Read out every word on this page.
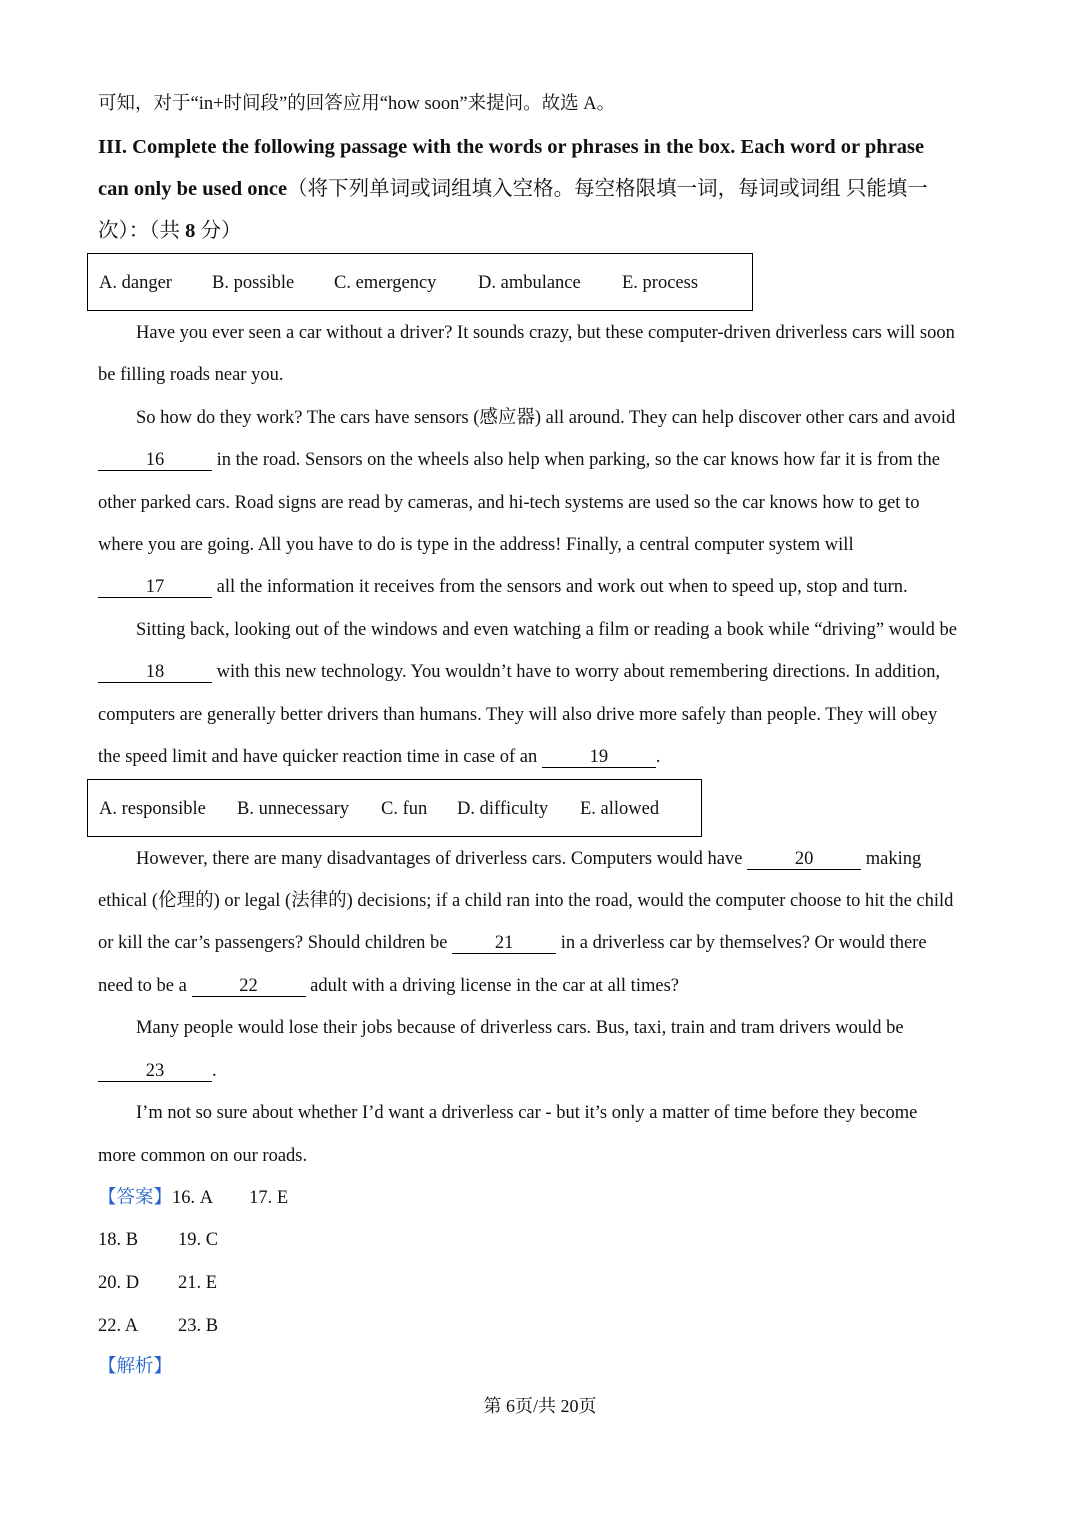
可知，对于“in+时间段”的回答应用“how soon”来提问。故选 A。
III. Complete the following passage with the words or phrases in the box. Each word or phrase
can only be used once（将下列单词或词组填入空格。每空格限填一词，每词或词组 只能填一
次）：（共 8 分）
A. danger B. possible C. emergency D. ambulance E. process
Have you ever seen a car without a driver? It sounds crazy, but these computer-driven driverless cars will soon
be filling roads near you.
So how do they work? The cars have sensors (感应器) all around. They can help discover other cars and avoid
16	in the road. Sensors on the wheels also help when parking, so the car knows how far it is from the
other parked cars. Road signs are read by cameras, and hi-tech systems are used so the car knows how to get to
where you are going. All you have to do is type in the address! Finally, a central computer system will
17	all the information it receives from the sensors and work out when to speed up, stop and turn.
Sitting back, looking out of the windows and even watching a film or reading a book while “driving” would be
18	with this new technology. You wouldn’t have to worry about remembering directions. In addition,
computers are generally better drivers than humans. They will also drive more safely than people. They will obey
the speed limit and have quicker reaction time in case of an	19	.
A. responsible B. unnecessary C. fun D. difficulty E. allowed
However, there are many disadvantages of driverless cars. Computers would have	20	making
ethical (伦理的) or legal (法律的) decisions; if a child ran into the road, would the computer choose to hit the child
or kill the car’s passengers? Should children be 21 in a driverless car by themselves? Or would there
need to be a	22	adult with a driving license in the car at all times?
Many people would lose their jobs because of driverless cars. Bus, taxi, train and tram drivers would be
23	.
I’m not so sure about whether I’d want a driverless car - but it’s only a matter of time before they become
more common on our roads.
【答案】16. A 17. E
18. B 19. C
20. D 21. E
22. A 23. B
【解析】
第 6页/共 20页
